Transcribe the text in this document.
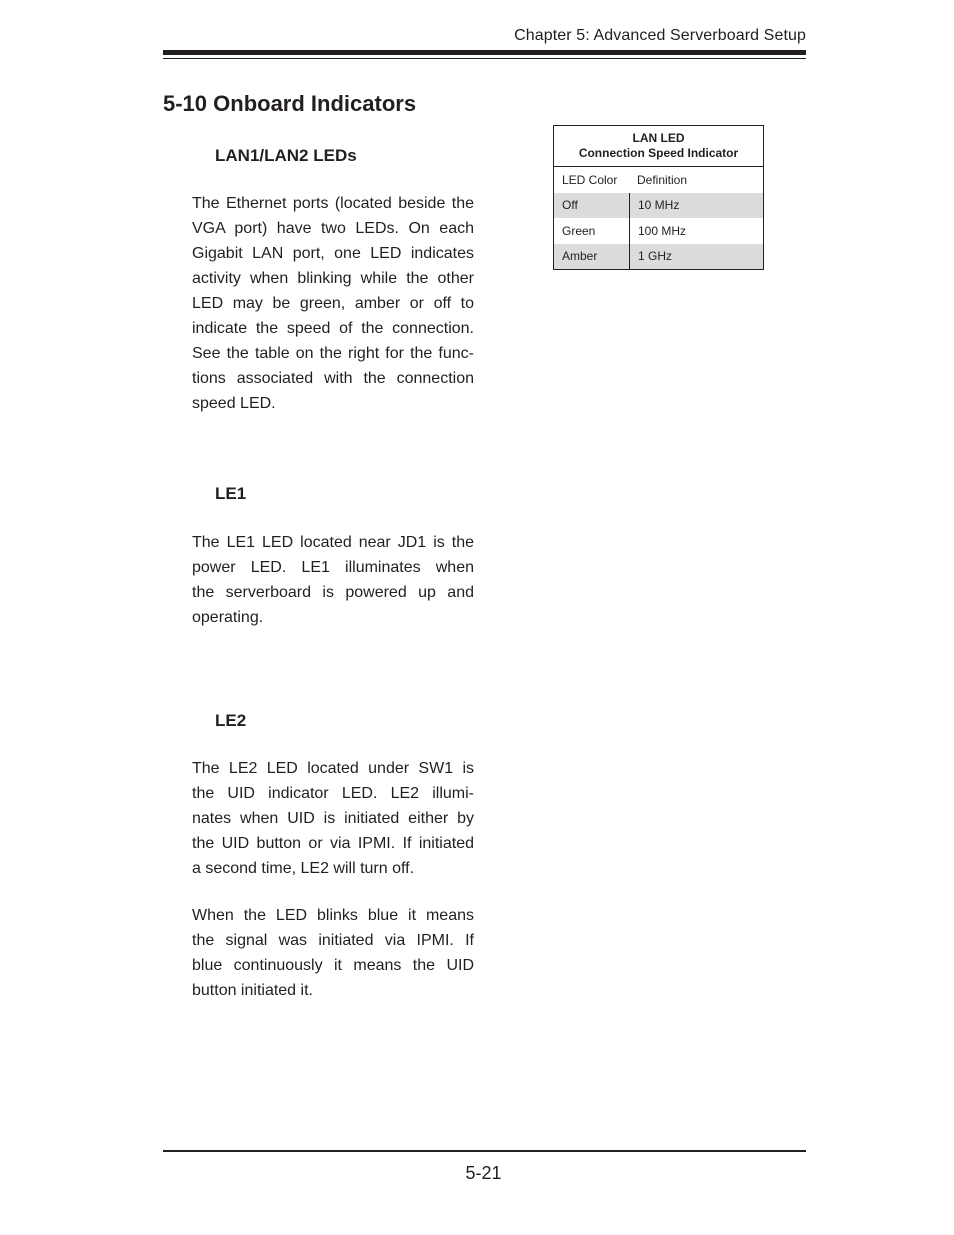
Chapter 5: Advanced Serverboard Setup
5-10 Onboard Indicators
LAN1/LAN2 LEDs
The Ethernet ports (located beside the
VGA port) have two LEDs. On each
Gigabit LAN port, one LED indicates
activity when blinking while the other
LED may be green, amber or off to
indicate the speed of the connection.
See the table on the right for the func-
tions associated with the connection
speed LED.
LE1
The LE1 LED located near JD1 is the
power LED. LE1 illuminates when
the serverboard is powered up and
operating.
LE2
The LE2 LED located under SW1 is
the UID indicator LED. LE2 illumi-
nates when UID is initiated either by
the UID button or via IPMI. If initiated
a second time, LE2 will turn off.
When the LED blinks blue it means
the signal was initiated via IPMI. If
blue continuously it means the UID
button initiated it.
LAN LED
Connection Speed Indicator
LED Color	Definition
Off	10 MHz
Green	100 MHz
Amber	1 GHz
5-21
